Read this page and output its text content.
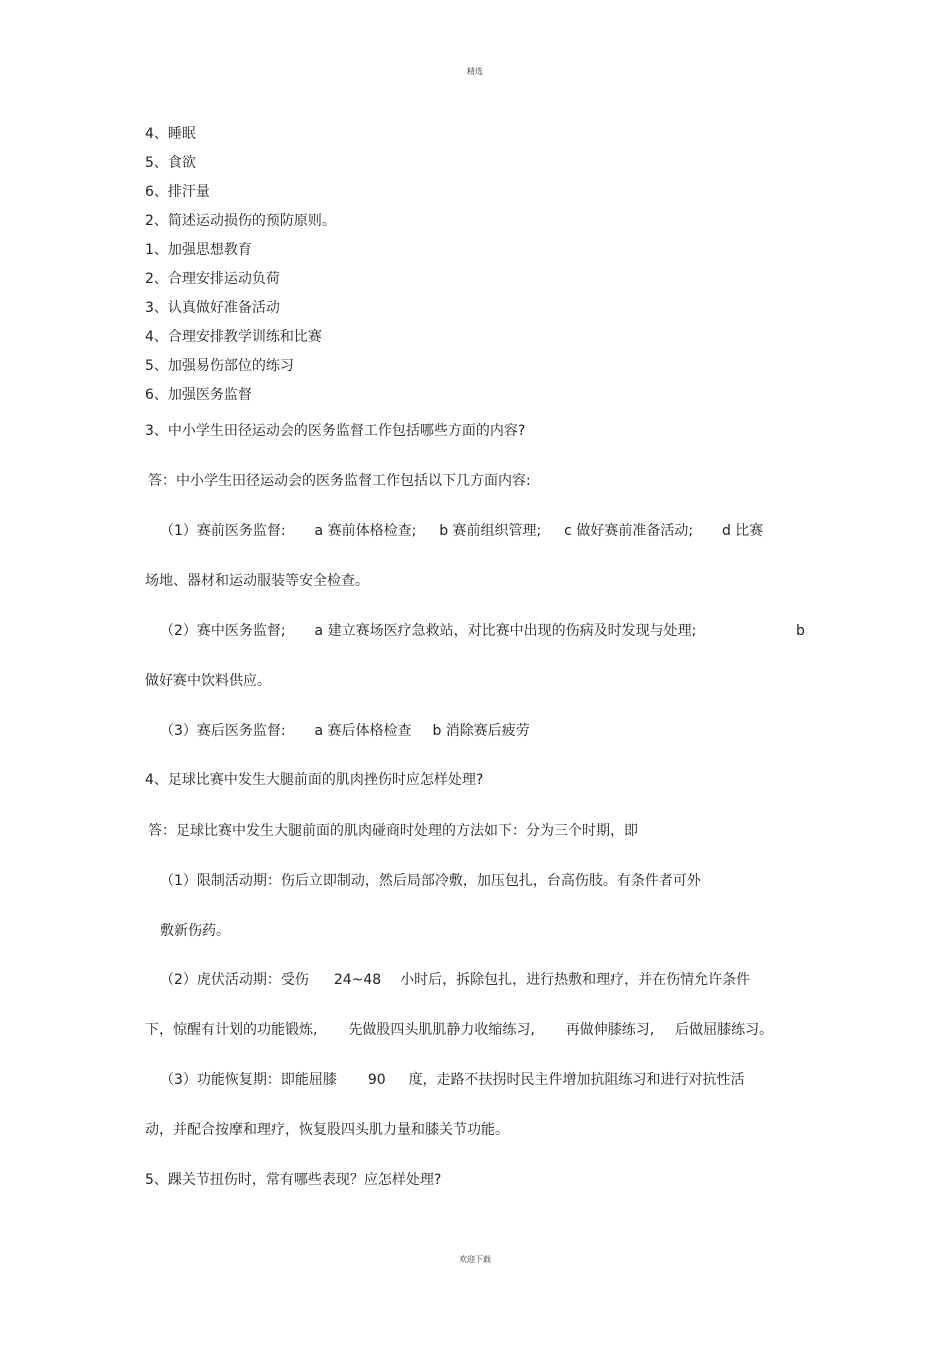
精选
4、睡眠
5、食欲
6、排汗量
2、简述运动损伤的预防原则。
1、加强思想教育
2、合理安排运动负荷
3、认真做好准备活动
4、合理安排教学训练和比赛
5、加强易伤部位的练习
6、加强医务监督
3、中小学生田径运动会的医务监督工作包括哪些方面的内容?
答：中小学生田径运动会的医务监督工作包括以下几方面内容:
（1）赛前医务监督: a 赛前体格检查; b 赛前组织管理; c 做好赛前准备活动; d 比赛
场地、器材和运动服装等安全检查。
（2）赛中医务监督; a 建立赛场医疗急救站，对比赛中出现的伤病及时发现与处理;	b
做好赛中饮料供应。
（3）赛后医务监督: a 赛后体格检查 b 消除赛后疲劳
4、足球比赛中发生大腿前面的肌肉挫伤时应怎样处理?
答：足球比赛中发生大腿前面的肌肉碰商时处理的方法如下：分为三个时期，即
（1）限制活动期：伤后立即制动，然后局部冷敷，加压包扎，台高伤肢。有条件者可外
敷新伤药。
（2）虎伏活动期：受伤 24~48 小时后，拆除包扎，进行热敷和理疗，并在伤情允许条件
下，惊醒有计划的功能锻炼, 先做股四头肌肌静力收缩练习, 再做伸膝练习, 后做屈膝练习。
（3）功能恢复期：即能屈膝 90 度，走路不扶拐时民主件增加抗阻练习和进行对抗性活
动，并配合按摩和理疗，恢复股四头肌力量和膝关节功能。
5、踝关节扭伤时，常有哪些表现？应怎样处理?
欢迎下载
